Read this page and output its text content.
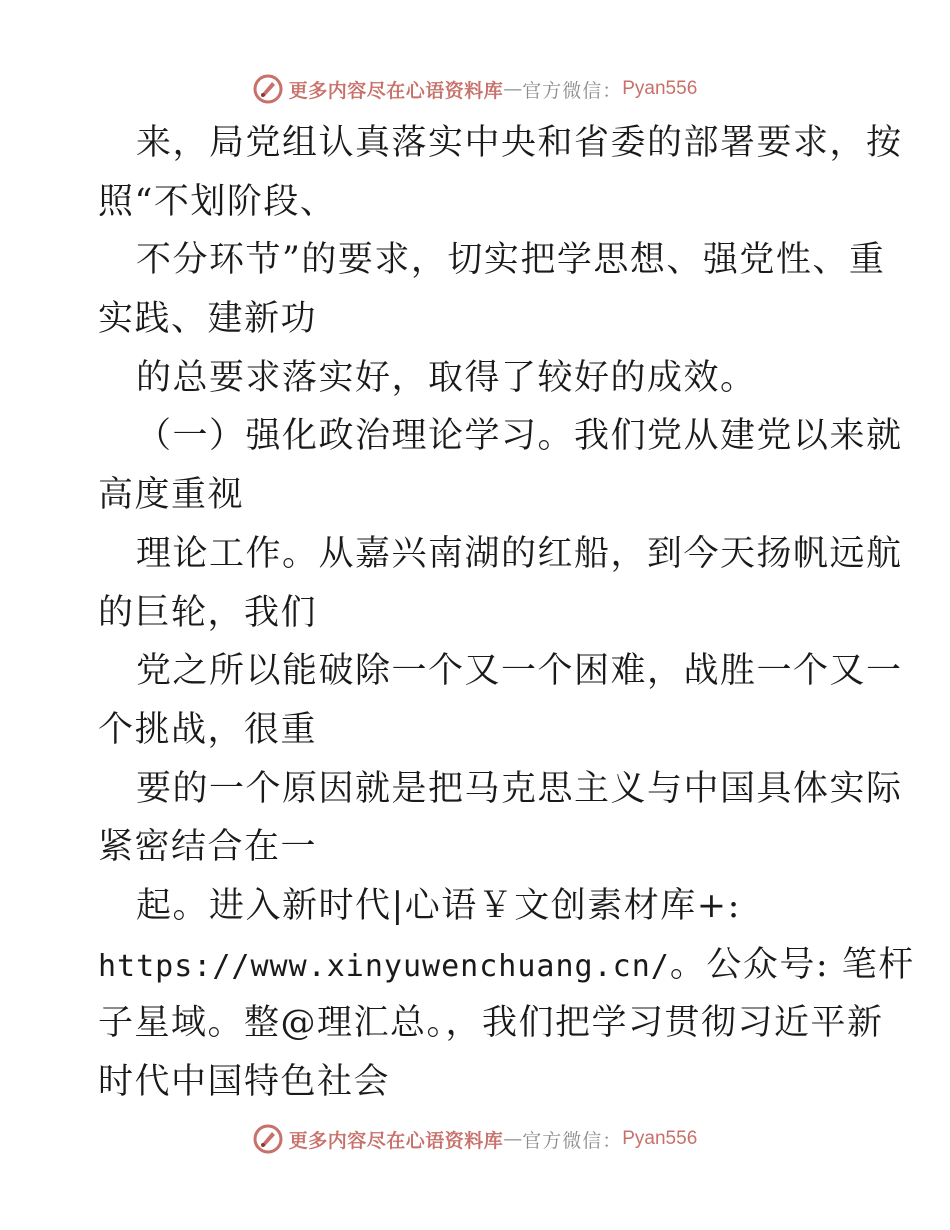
更多内容尽在心语资料库 — 官方微信： Pyan556
来，局党组认真落实中央和省委的部署要求，按
照“不划阶段、
不分环节”的要求，切实把学思想、强党性、重
实践、建新功
的总要求落实好，取得了较好的成效。
（一）强化政治理论学习。我们党从建党以来就
高度重视
理论工作。从嘉兴南湖的红船，到今天扬帆远航
的巨轮，我们
党之所以能破除一个又一个困难，战胜一个又一
个挑战，很重
要的一个原因就是把马克思主义与中国具体实际
紧密结合在一
起。进入新时代|心语￥文创素材库+:
https://www.xinyuwenchuang.cn/。公众号: 笔杆
子星域。整@理汇总。，我们把学习贯彻习近平新
时代中国特色社会
更多内容尽在心语资料库 — 官方微信： Pyan556
